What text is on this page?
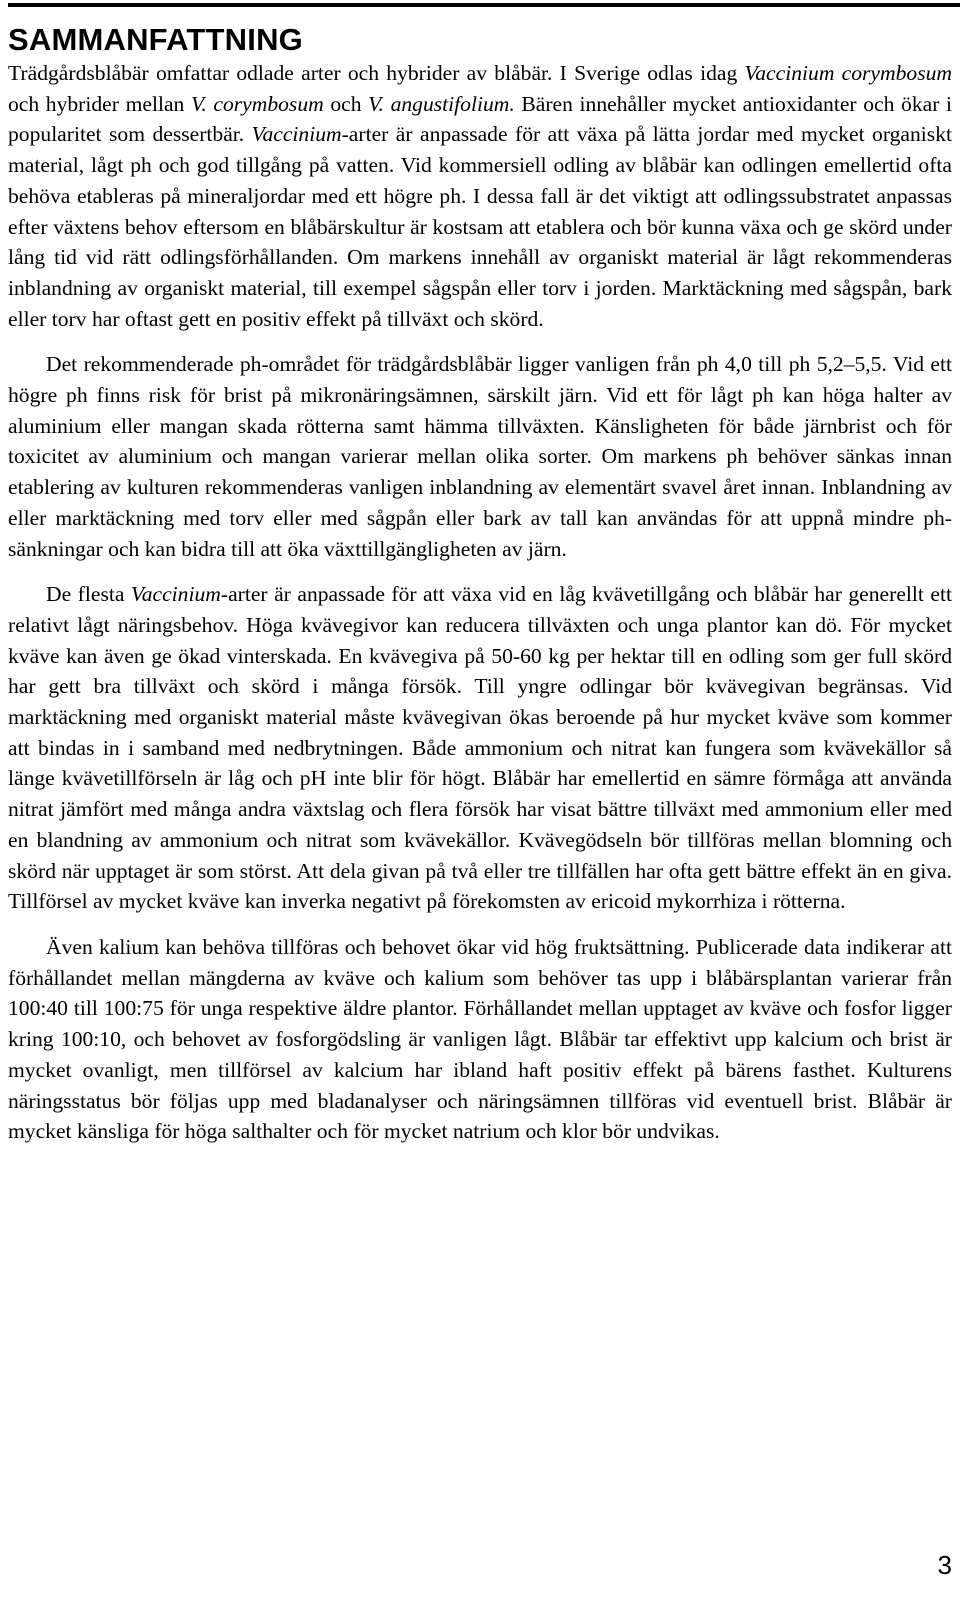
SAMMANFATTNING

Trädgårdsblåbär omfattar odlade arter och hybrider av blåbär. I Sverige odlas idag Vaccinium corymbosum och hybrider mellan V. corymbosum och V. angustifolium. Bären innehåller mycket antioxidanter och ökar i popularitet som dessertbär. Vaccinium-arter är anpassade för att växa på lätta jordar med mycket organiskt material, lågt ph och god tillgång på vatten. Vid kommersiell odling av blåbär kan odlingen emellertid ofta behöva etableras på mineraljordar med ett högre ph. I dessa fall är det viktigt att odlingssubstratet anpassas efter växtens behov eftersom en blåbärskultur är kostsam att etablera och bör kunna växa och ge skörd under lång tid vid rätt odlingsförhållanden. Om markens innehåll av organiskt material är lågt rekommenderas inblandning av organiskt material, till exempel sågspån eller torv i jorden. Marktäckning med sågspån, bark eller torv har oftast gett en positiv effekt på tillväxt och skörd.

Det rekommenderade ph-området för trädgårdsblåbär ligger vanligen från ph 4,0 till ph 5,2–5,5. Vid ett högre ph finns risk för brist på mikronäringsämnen, särskilt järn. Vid ett för lågt ph kan höga halter av aluminium eller mangan skada rötterna samt hämma tillväxten. Känsligheten för både järnbrist och för toxicitet av aluminium och mangan varierar mellan olika sorter. Om markens ph behöver sänkas innan etablering av kulturen rekommenderas vanligen inblandning av elementärt svavel året innan. Inblandning av eller marktäckning med torv eller med sågpån eller bark av tall kan användas för att uppnå mindre ph-sänkningar och kan bidra till att öka växttillgängligheten av järn.

De flesta Vaccinium-arter är anpassade för att växa vid en låg kvävetillgång och blåbär har generellt ett relativt lågt näringsbehov. Höga kvävegivor kan reducera tillväxten och unga plantor kan dö. För mycket kväve kan även ge ökad vinterskada. En kvävegiva på 50-60 kg per hektar till en odling som ger full skörd har gett bra tillväxt och skörd i många försök. Till yngre odlingar bör kvävegivan begränsas. Vid marktäckning med organiskt material måste kvävegivan ökas beroende på hur mycket kväve som kommer att bindas in i samband med nedbrytningen. Både ammonium och nitrat kan fungera som kvävekällor så länge kvävetillförseln är låg och pH inte blir för högt. Blåbär har emellertid en sämre förmåga att använda nitrat jämfört med många andra växtslag och flera försök har visat bättre tillväxt med ammonium eller med en blandning av ammonium och nitrat som kvävekällor. Kvävegödseln bör tillföras mellan blomning och skörd när upptaget är som störst. Att dela givan på två eller tre tillfällen har ofta gett bättre effekt än en giva. Tillförsel av mycket kväve kan inverka negativt på förekomsten av ericoid mykorrhiza i rötterna.

Även kalium kan behöva tillföras och behovet ökar vid hög fruktsättning. Publicerade data indikerar att förhållandet mellan mängderna av kväve och kalium som behöver tas upp i blåbärsplantan varierar från 100:40 till 100:75 för unga respektive äldre plantor. Förhållandet mellan upptaget av kväve och fosfor ligger kring 100:10, och behovet av fosforgödsling är vanligen lågt. Blåbär tar effektivt upp kalcium och brist är mycket ovanligt, men tillförsel av kalcium har ibland haft positiv effekt på bärens fasthet. Kulturens näringsstatus bör följas upp med bladanalyser och näringsämnen tillföras vid eventuell brist. Blåbär är mycket känsliga för höga salthalter och för mycket natrium och klor bör undvikas.

3
